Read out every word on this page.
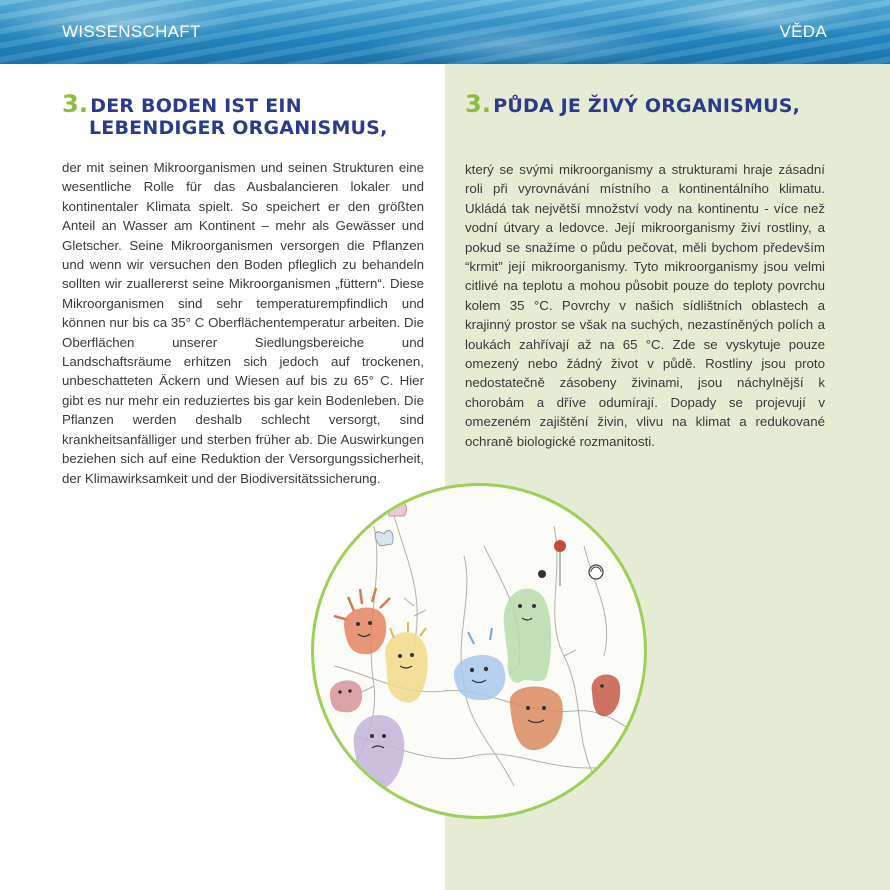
WISSENSCHAFT	VĚDA
3. DER BODEN IST EIN
LEBENDIGER ORGANISMUS,

der mit seinen Mikroorganismen und seinen Strukturen eine wesentliche Rolle für das Ausbalancieren lokaler und kontinentaler Klimata spielt. So speichert er den größten Anteil an Wasser am Kontinent – mehr als Gewässer und Gletscher. Seine Mikroorganismen versorgen die Pflanzen und wenn wir versuchen den Boden pfleglich zu behandeln sollten wir zuallererst seine Mikroorganismen „füttern“. Diese Mikroorganismen sind sehr temperaturempfindlich und können nur bis ca 35° C Oberflächentemperatur arbeiten. Die Oberflächen unserer Siedlungsbereiche und Landschaftsräume erhitzen sich jedoch auf trockenen, unbeschatteten Äckern und Wiesen auf bis zu 65° C. Hier gibt es nur mehr ein reduziertes bis gar kein Bodenleben. Die Pflanzen werden deshalb schlecht versorgt, sind krankheitsanfälliger und sterben früher ab. Die Auswirkungen beziehen sich auf eine Reduktion der Versorgungssicherheit, der Klimawirksamkeit und der Biodiversitätssicherung.

3. PŮDA JE ŽIVÝ ORGANISMUS,

který se svými mikroorganismy a strukturami hraje zásadní roli při vyrovnávání místního a kontinentálního klimatu. Ukládá tak největší množství vody na kontinentu - více než vodní útvary a ledovce. Její mikroorganismy živí rostliny, a pokud se snažíme o půdu pečovat, měli bychom především “krmit” její mikroorganismy. Tyto mikroorganismy jsou velmi citlivé na teplotu a mohou působit pouze do teploty povrchu kolem 35 °C. Povrchy v našich sídlištních oblastech a krajinný prostor se však na suchých, nezastíněných polích a loukách zahřívají až na 65 °C. Zde se vyskytuje pouze omezený nebo žádný život v půdě. Rostliny jsou proto nedostatečně zásobeny živinami, jsou náchylnější k chorobám a dříve odumírají. Dopady se projevují v omezeném zajištění živin, vlivu na klimat a redukované ochraně biologické rozmanitosti.
